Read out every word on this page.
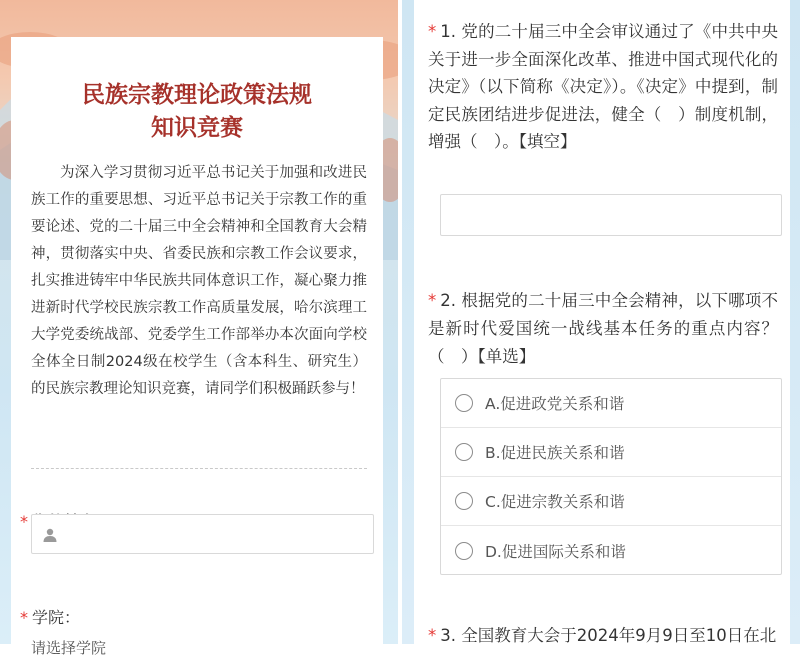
民族宗教理论政策法规
知识竞赛

为深入学习贯彻习近平总书记关于加强和改进民族工作的重要思想、习近平总书记关于宗教工作的重要论述、党的二十届三中全会精神和全国教育大会精神，贯彻落实中央、省委民族和宗教工作会议要求，扎实推进铸牢中华民族共同体意识工作，凝心聚力推进新时代学校民族宗教工作高质量发展，哈尔滨理工大学党委统战部、党委学生工作部举办本次面向学校全体全日制2024级在校学生（含本科生、研究生）的民族宗教理论知识竞赛，请同学们积极踊跃参与！

*
* 学院：
请选择学院
* 1. 党的二十届三中全会审议通过了《中共中央关于进一步全面深化改革、推进中国式现代化的决定》（以下简称《决定》）。《决定》中提到，制定民族团结进步促进法，健全（　）制度机制，增强（　）。【填空】
* 2. 根据党的二十届三中全会精神，以下哪项不是新时代爱国统一战线基本任务的重点内容？（　）【单选】
A.促进政党关系和谐
B.促进民族关系和谐
C.促进宗教关系和谐
D.促进国际关系和谐
* 3. 全国教育大会于2024年9月9日至10日在北
